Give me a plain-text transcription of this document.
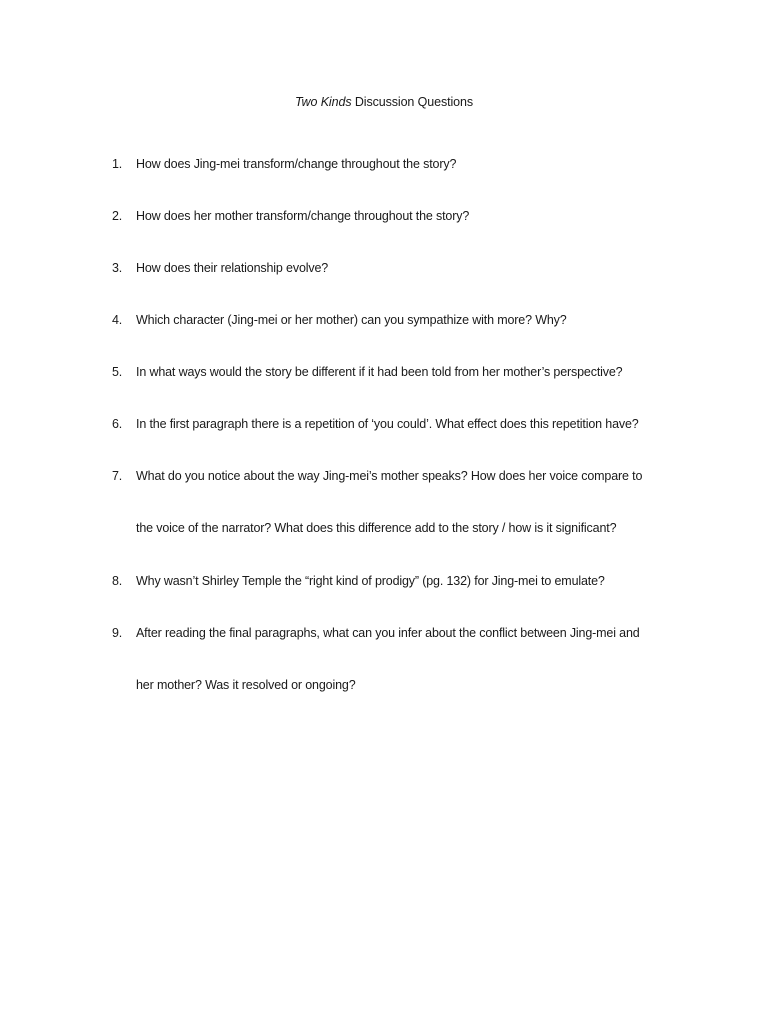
Two Kinds Discussion Questions
1. How does Jing-mei transform/change throughout the story?
2. How does her mother transform/change throughout the story?
3. How does their relationship evolve?
4. Which character (Jing-mei or her mother) can you sympathize with more? Why?
5. In what ways would the story be different if it had been told from her mother’s perspective?
6. In the first paragraph there is a repetition of ‘you could’. What effect does this repetition have?
7. What do you notice about the way Jing-mei’s mother speaks? How does her voice compare to
the voice of the narrator? What does this difference add to the story / how is it significant?
8. Why wasn’t Shirley Temple the “right kind of prodigy” (pg. 132) for Jing-mei to emulate?
9. After reading the final paragraphs, what can you infer about the conflict between Jing-mei and
her mother? Was it resolved or ongoing?
